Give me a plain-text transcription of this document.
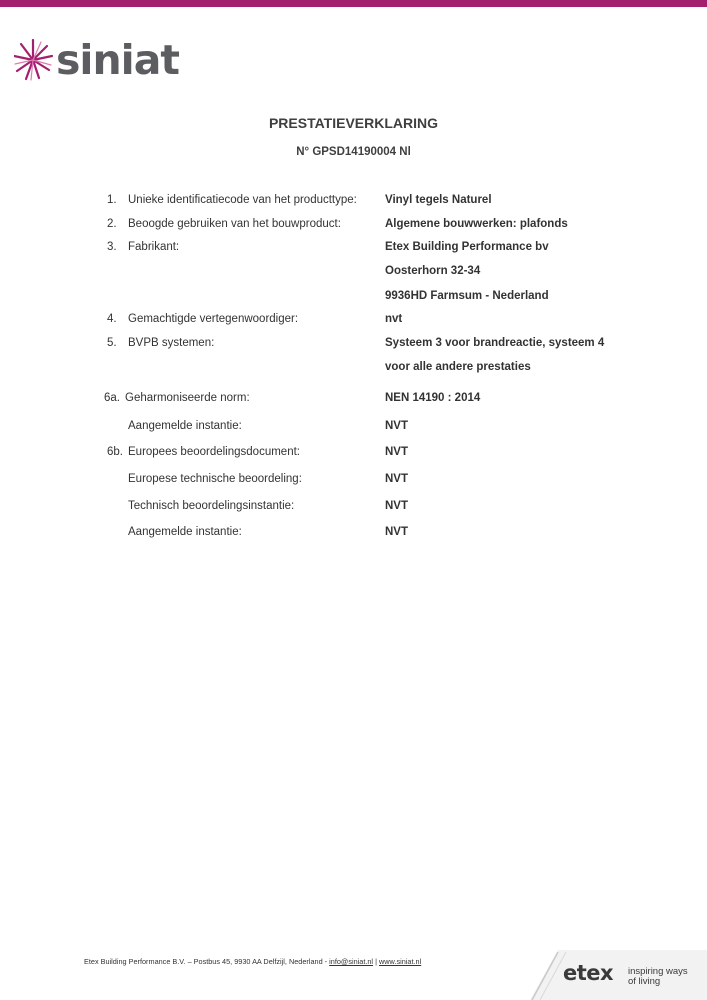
siniat
PRESTATIEVERKLARING
N° GPSD14190004 Nl
1. Unieke identificatiecode van het producttype: Vinyl tegels Naturel
2. Beoogde gebruiken van het bouwproduct:	Algemene bouwwerken: plafonds
3. Fabrikant:	Etex Building Performance bv
Oosterhorn 32-34
9936HD Farmsum - Nederland
4. Gemachtigde vertegenwoordiger:	nvt
5. BVPB systemen:	Systeem 3 voor brandreactie, systeem 4
voor alle andere prestaties
6a. Geharmoniseerde norm:	NEN 14190 : 2014
Aangemelde instantie:	NVT
6b. Europees beoordelingsdocument:	NVT
Europese technische beoordeling:	NVT
Technisch beoordelingsinstantie:	NVT
Aangemelde instantie:	NVT
Etex Building Performance B.V. – Postbus 45, 9930 AA Delfzijl, Nederland - info@siniat.nl | www.siniat.nl	etex inspiring ways
of living
